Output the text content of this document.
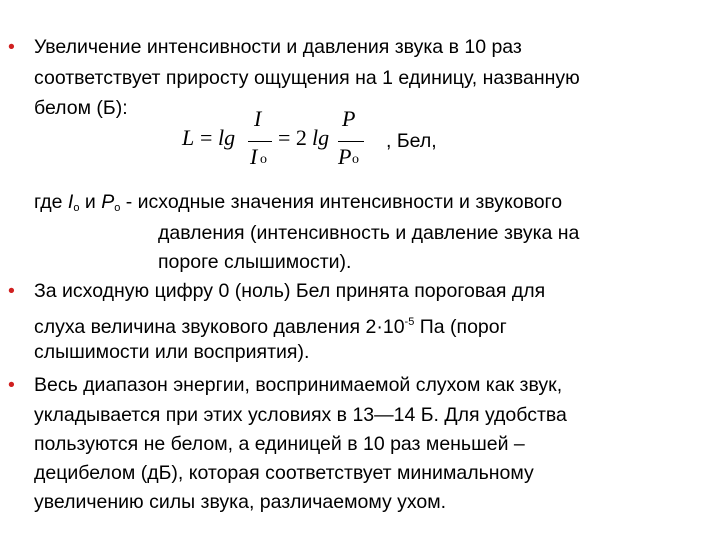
•
•
•
Увеличение интенсивности и давления звука в 10 раз
соответствует приросту ощущения на 1 единицу, названную
белом (Б):
L = lg
I
I o
= 2 lg
P
P o
, Бел,
где $I_o$ и $P_o$ - исходные значения интенсивности и звукового
давления (интенсивность и давление звука на
пороге слышимости).
За исходную цифру 0 (ноль) Бел принята пороговая для
слуха величина звукового давления $2\cdot 10^{-5}$ Па (порог
слышимости или восприятия).
Весь диапазон энергии, воспринимаемой слухом как звук,
укладывается при этих условиях в 13—14 Б. Для удобства
пользуются не белом, а единицей в 10 раз меньшей –
децибелом (дБ), которая соответствует минимальному
увеличению силы звука, различаемому ухом.
